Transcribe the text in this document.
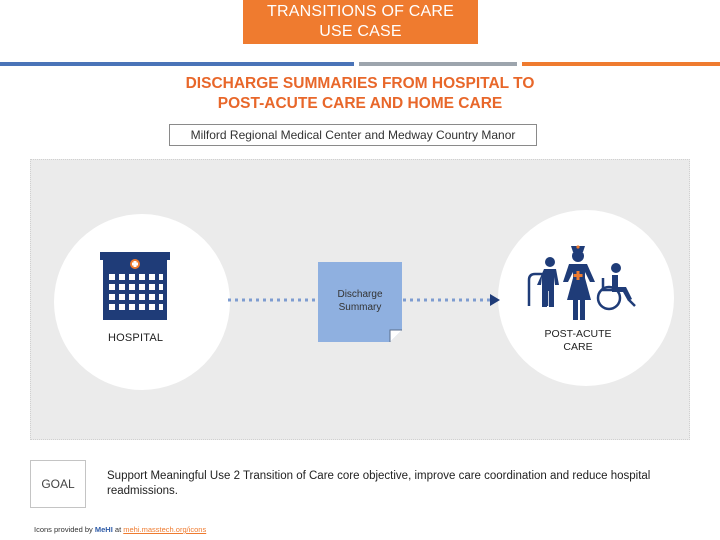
TRANSITIONS OF CARE
USE CASE
DISCHARGE SUMMARIES FROM HOSPITAL TO
POST-ACUTE CARE AND HOME CARE
Milford Regional Medical Center and Medway Country Manor
HOSPITAL
Discharge
Summary
POST-ACUTE
CARE
GOAL
Support Meaningful Use 2 Transition of Care core objective, improve care coordination and reduce hospital readmissions.
Icons provided by MeHI at mehi.masstech.org/icons
